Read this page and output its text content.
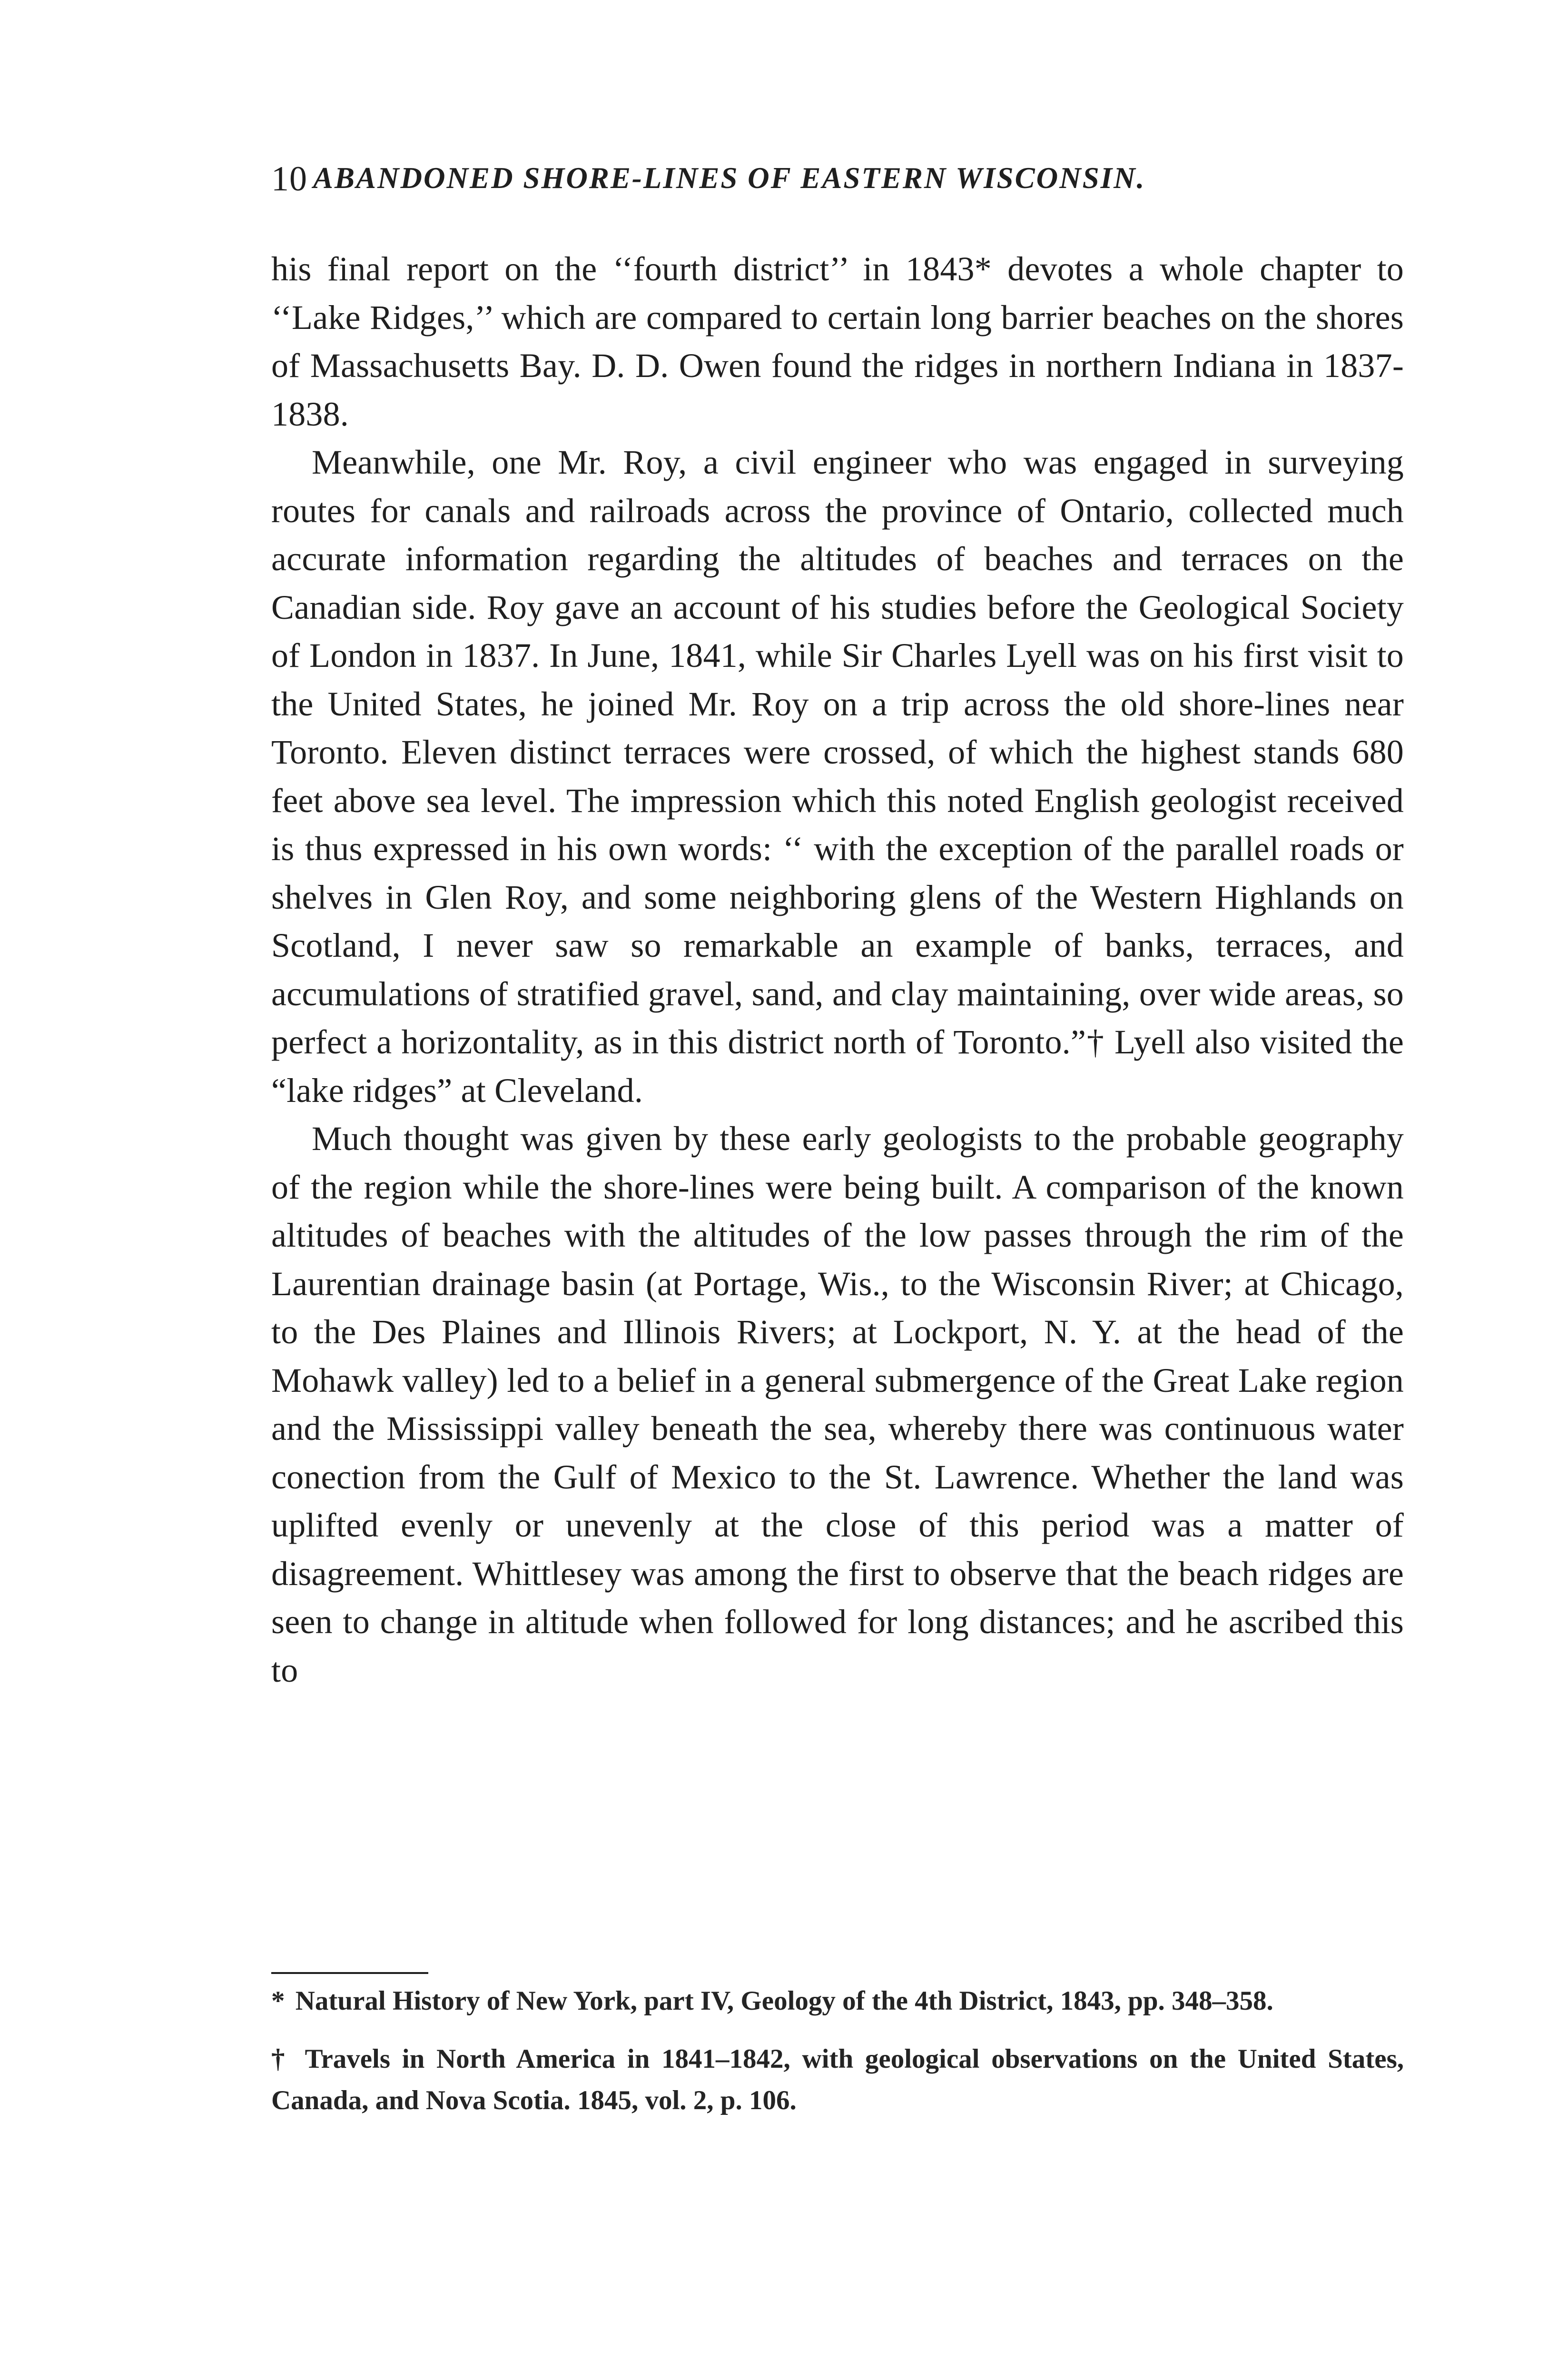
10 ABANDONED SHORE-LINES OF EASTERN WISCONSIN.

his final report on the ‘‘fourth district’’ in 1843* devotes a whole chapter to ‘‘Lake Ridges,’’ which are compared to certain long barrier beaches on the shores of Massachusetts Bay. D. D. Owen found the ridges in northern Indiana in 1837-1838.

Meanwhile, one Mr. Roy, a civil engineer who was engaged in surveying routes for canals and railroads across the province of Ontario, collected much accurate information regarding the altitudes of beaches and terraces on the Canadian side. Roy gave an account of his studies before the Geological Society of London in 1837. In June, 1841, while Sir Charles Lyell was on his first visit to the United States, he joined Mr. Roy on a trip across the old shore-lines near Toronto. Eleven distinct terraces were crossed, of which the highest stands 680 feet above sea level. The impression which this noted English geologist received is thus expressed in his own words: ‘‘ with the exception of the parallel roads or shelves in Glen Roy, and some neighboring glens of the Western Highlands on Scotland, I never saw so remarkable an example of banks, terraces, and accumulations of stratified gravel, sand, and clay maintaining, over wide areas, so perfect a horizontality, as in this district north of Toronto.”† Lyell also visited the “lake ridges” at Cleveland.

Much thought was given by these early geologists to the probable geography of the region while the shore-lines were being built. A comparison of the known altitudes of beaches with the altitudes of the low passes through the rim of the Laurentian drainage basin (at Portage, Wis., to the Wisconsin River; at Chicago, to the Des Plaines and Illinois Rivers; at Lockport, N. Y. at the head of the Mohawk valley) led to a belief in a general submergence of the Great Lake region and the Mississippi valley beneath the sea, whereby there was continuous water conection from the Gulf of Mexico to the St. Lawrence. Whether the land was uplifted evenly or unevenly at the close of this period was a matter of disagreement. Whittlesey was among the first to observe that the beach ridges are seen to change in altitude when followed for long distances; and he ascribed this to

* Natural History of New York, part IV, Geology of the 4th District, 1843, pp. 348–358.

† Travels in North America in 1841–1842, with geological observations on the United States, Canada, and Nova Scotia. 1845, vol. 2, p. 106.
